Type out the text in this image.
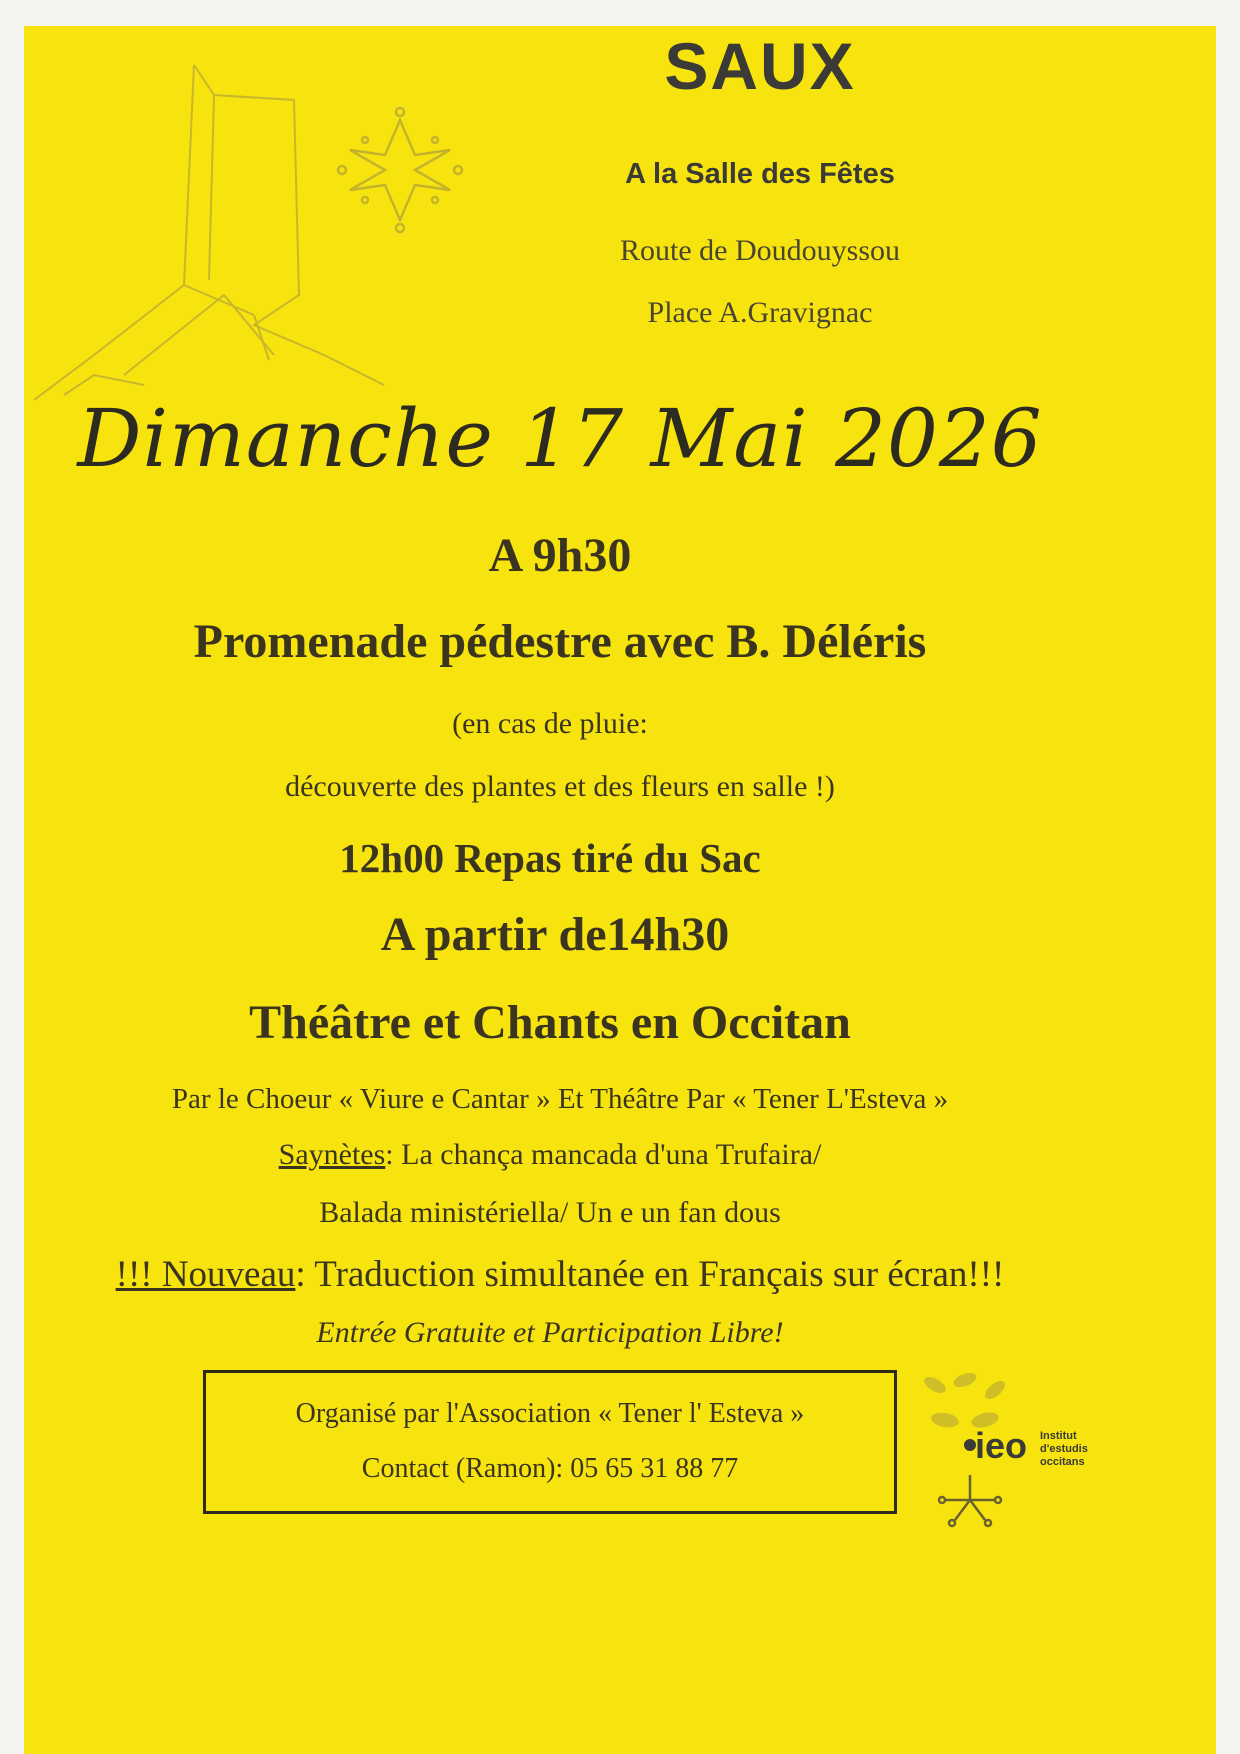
SAUX
A la Salle des Fêtes
Route de Doudouyssou
Place A.Gravignac
Dimanche 17 Mai 2026
A 9h30
Promenade pédestre avec B. Déléris
(en cas de pluie:
découverte des plantes et des fleurs en salle !)
12h00 Repas tiré du Sac
A partir de14h30
Théâtre et Chants en Occitan
Par le Choeur « Viure e Cantar » Et Théâtre Par « Tener L'Esteva »
Saynètes: La chança mancada d'una Trufaira/
Balada ministériella/ Un e un fan dous
!!! Nouveau: Traduction simultanée en Français sur écran!!!
Entrée Gratuite et Participation Libre!
Organisé par l'Association « Tener l' Esteva »
Contact (Ramon): 05 65 31 88 77
ieo Institut
d'estudis
occitans
